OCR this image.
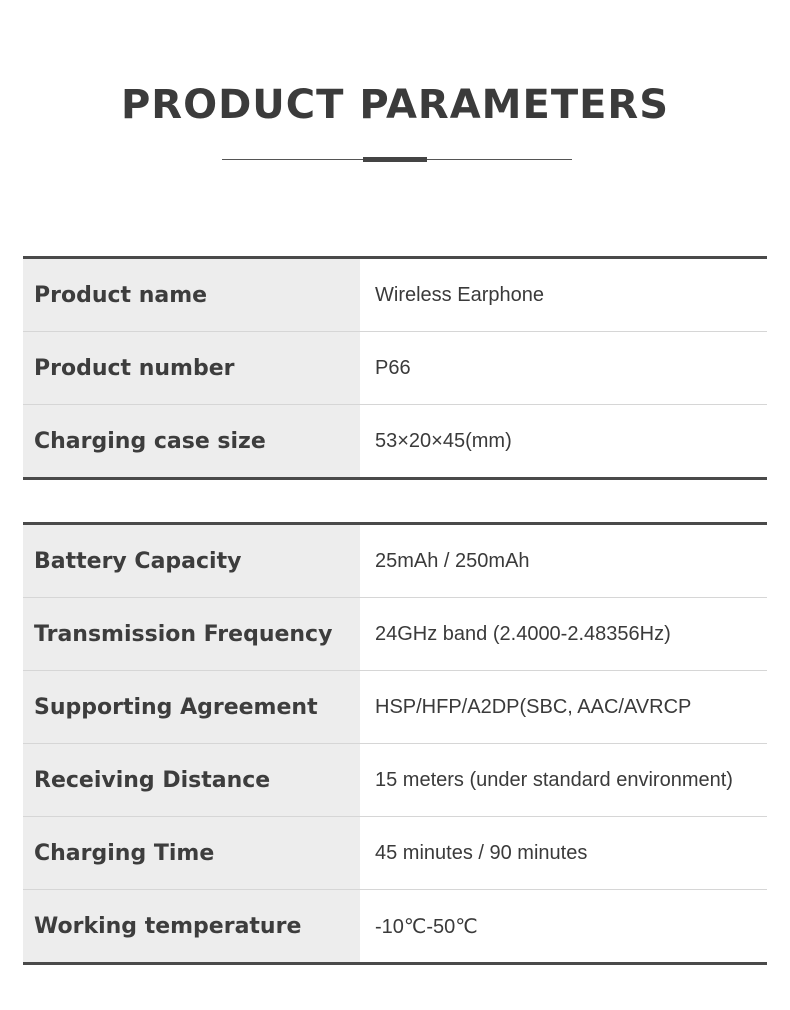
PRODUCT PARAMETERS
Product name	Wireless Earphone
Product number	P66
Charging case size	53×20×45(mm)
Battery Capacity	25mAh / 250mAh
Transmission Frequency	24GHz band (2.4000-2.48356Hz)
Supporting Agreement	HSP/HFP/A2DP(SBC, AAC/AVRCP
Receiving Distance	15 meters (under standard environment)
Charging Time	45 minutes / 90 minutes
Working temperature	-10℃-50℃
